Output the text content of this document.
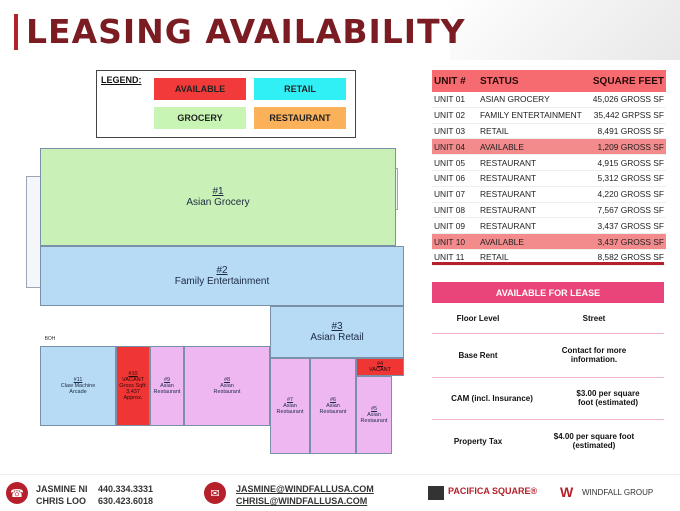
LEASING AVAILABILITY
LEGEND:
AVAILABLE	RETAIL
GROCERY	RESTAURANT
#1
Asian Grocery
#2
Family Entertainment
#3
Asian Retail
BOH
#11
Claw Machine Arcade
#10
VACANT
Gross Sqft: 3,437 Approx.
#9
Asian Restaurant
#8
Asian Restaurant
#7
Asian Restaurant
#6
Asian Restaurant	#5
Asian Restaurant
#4
VACANT
UNIT #	STATUS	SQUARE FEET
UNIT 01	ASIAN GROCERY	45,026 GROSS SF
UNIT 02	FAMILY ENTERTAINMENT	35,442 GRPSS SF
UNIT 03	RETAIL	8,491 GROSS SF
UNIT 04	AVAILABLE	1,209 GROSS SF
UNIT 05	RESTAURANT	4,915 GROSS SF
UNIT 06	RESTAURANT	5,312 GROSS SF
UNIT 07	RESTAURANT	4,220 GROSS SF
UNIT 08	RESTAURANT	7,567 GROSS SF
UNIT 09	RESTAURANT	3,437 GROSS SF
UNIT 10	AVAILABLE	3,437 GROSS SF
UNIT 11	RETAIL	8,582 GROSS SF
AVAILABLE FOR LEASE
Floor Level	Street
Base Rent	Contact for more information.
CAM (incl. Insurance)	$3.00 per square foot (estimated)
Property Tax	$4.00 per square foot (estimated)
☎	JASMINE NI 440.334.3331
CHRIS LOO 630.423.6018
✉	JASMINE@WINDFALLUSA.COM
CHRISL@WINDFALLUSA.COM
PACIFICA SQUARE® W	WINDFALL GROUP
